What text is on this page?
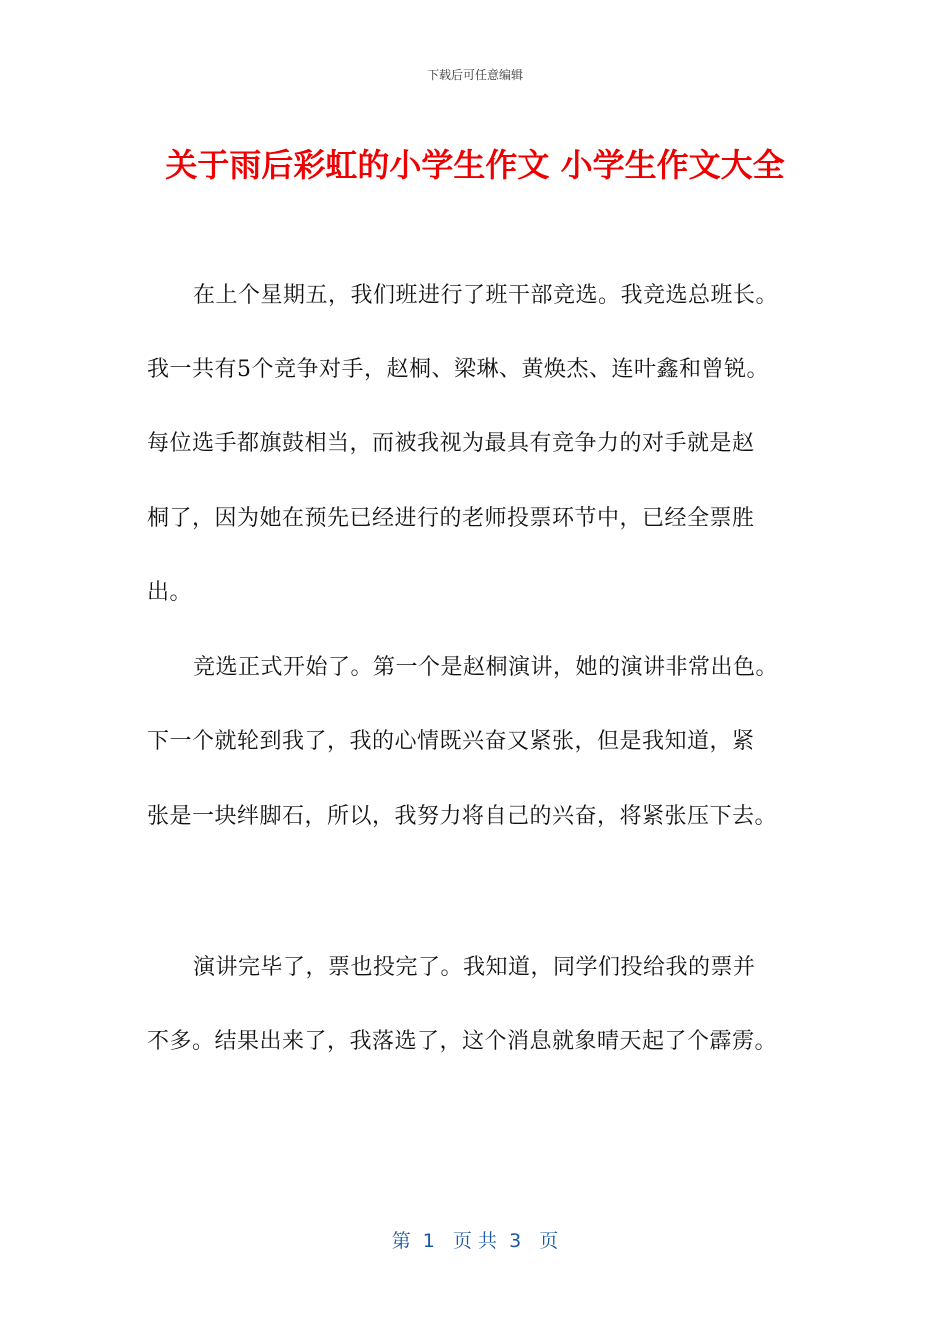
下载后可任意编辑
关于雨后彩虹的小学生作文 小学生作文大全
在上个星期五，我们班进行了班干部竞选。我竞选总班长。
我一共有5个竞争对手，赵桐、梁琳、黄焕杰、连叶鑫和曾锐。
每位选手都旗鼓相当，而被我视为最具有竞争力的对手就是赵
桐了，因为她在预先已经进行的老师投票环节中，已经全票胜
出。
竞选正式开始了。第一个是赵桐演讲，她的演讲非常出色。
下一个就轮到我了，我的心情既兴奋又紧张，但是我知道，紧
张是一块绊脚石，所以，我努力将自己的兴奋，将紧张压下去。
演讲完毕了，票也投完了。我知道，同学们投给我的票并
不多。结果出来了，我落选了，这个消息就象晴天起了个霹雳。
第  1   页 共  3   页
